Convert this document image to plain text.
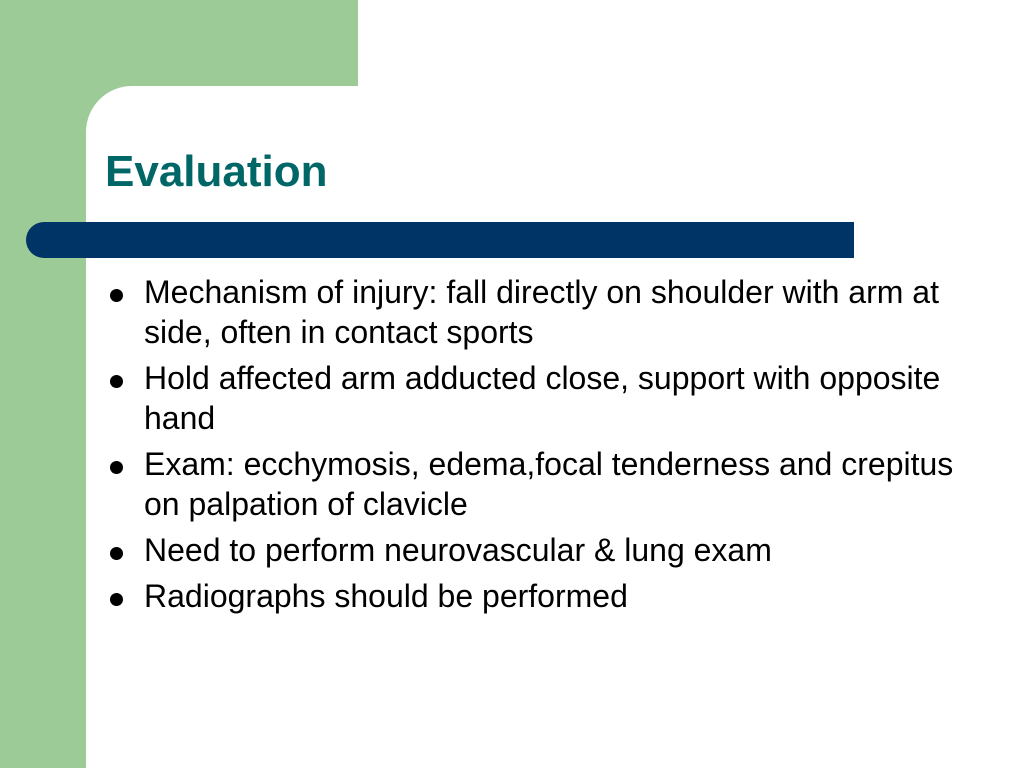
Evaluation
Mechanism of injury: fall directly on shoulder with arm at side, often in contact sports
Hold affected arm adducted close, support with opposite hand
Exam: ecchymosis, edema,focal tenderness and crepitus on palpation of clavicle
Need to perform neurovascular & lung exam
Radiographs should be performed
